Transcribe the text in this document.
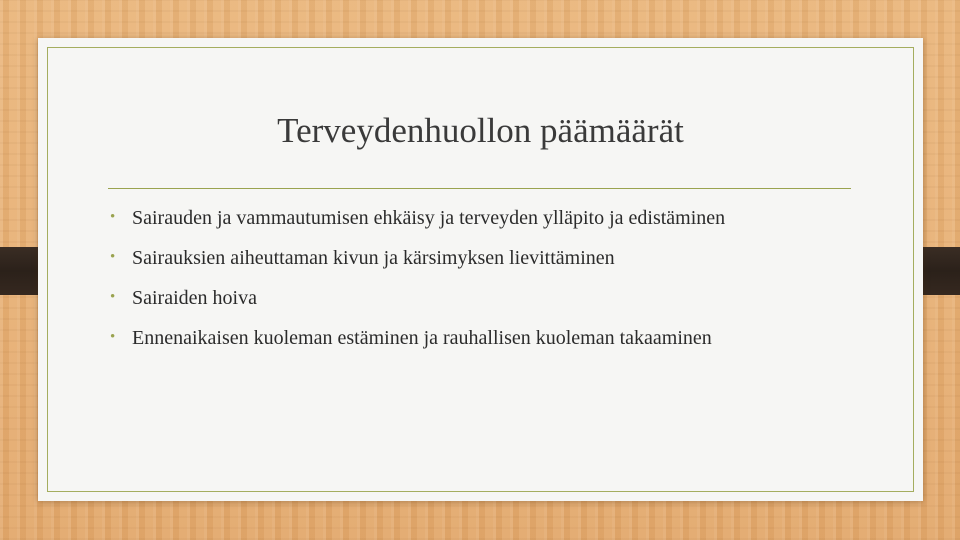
Terveydenhuollon päämäärät
• Sairauden ja vammautumisen ehkäisy ja terveyden ylläpito ja edistäminen
• Sairauksien aiheuttaman kivun ja kärsimyksen lievittäminen
• Sairaiden hoiva
• Ennenaikaisen kuoleman estäminen ja rauhallisen kuoleman takaaminen
